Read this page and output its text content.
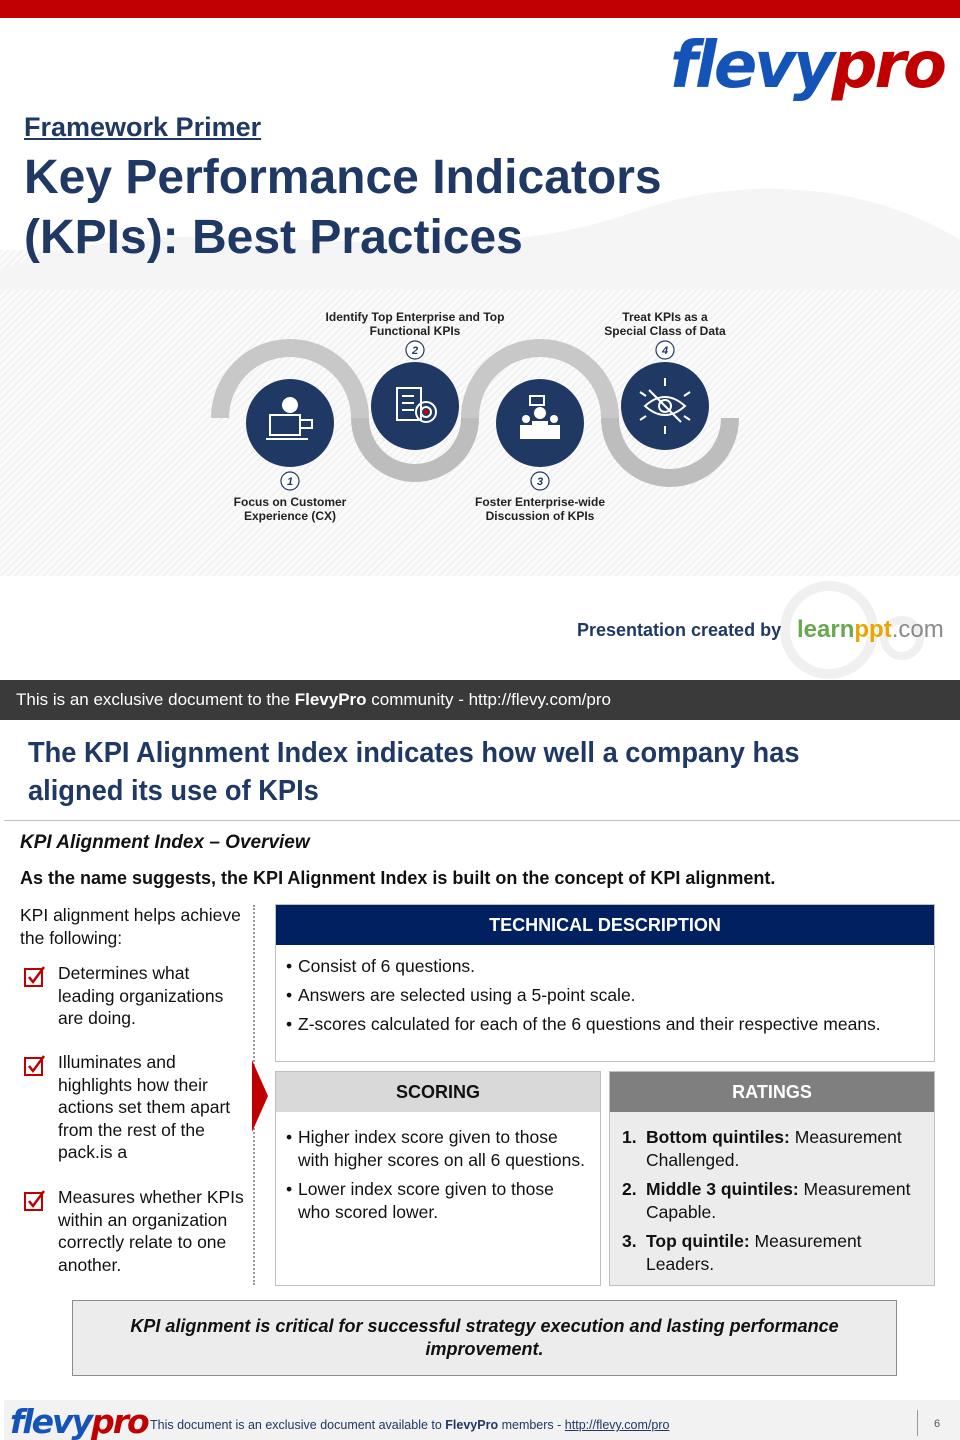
flevypro
Framework Primer
Key Performance Indicators (KPIs): Best Practices
1
2
3
4
Focus on Customer Experience (CX)
Identify Top Enterprise and Top Functional KPIs
Foster Enterprise-wide Discussion of KPIs
Treat KPIs as a Special Class of Data
Presentation created by learnppt.com
This is an exclusive document to the FlevyPro community - http://flevy.com/pro
The KPI Alignment Index indicates how well a company has aligned its use of KPIs
KPI Alignment Index – Overview
As the name suggests, the KPI Alignment Index is built on the concept of KPI alignment.
KPI alignment helps achieve the following:
Determines what leading organizations are doing.
Illuminates and highlights how their actions set them apart from the rest of the pack.is a
Measures whether KPIs within an organization correctly relate to one another.
TECHNICAL DESCRIPTION
• Consist of 6 questions.
• Answers are selected using a 5-point scale.
• Z-scores calculated for each of the 6 questions and their respective means.
SCORING
• Higher index score given to those with higher scores on all 6 questions.
• Lower index score given to those who scored lower.
RATINGS
1. Bottom quintiles: Measurement Challenged.
2. Middle 3 quintiles: Measurement Capable.
3. Top quintile: Measurement Leaders.
KPI alignment is critical for successful strategy execution and lasting performance improvement.
flevypro This document is an exclusive document available to FlevyPro members - http://flevy.com/pro	6
